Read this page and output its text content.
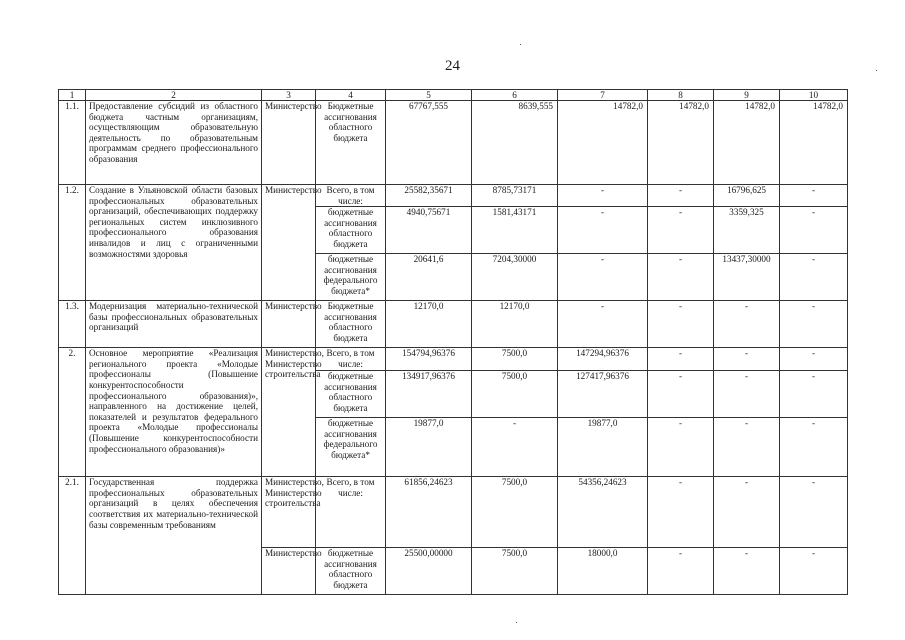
24
1	2	3	4	5	6	7	8	9	10
1.1.	Предоставление субсидий из областного бюджета частным организациям, осуществляющим образовательную деятельность по образовательным программам среднего профессионального образования	Министерство	Бюджетные ассигнования областного бюджета	67767,555	8639,555	14782,0	14782,0	14782,0	14782,0
1.2.	Создание в Ульяновской области базовых профессиональных образовательных организаций, обеспечивающих поддержку региональных систем инклюзивного профессионального образования инвалидов и лиц с ограниченными возможностями здоровья	Министерство	Всего, в том числе:	25582,35671	8785,73171	-	-	16796,625	-
			бюджетные ассигнования областного бюджета	4940,75671	1581,43171	-	-	3359,325	-
			бюджетные ассигнования федерального бюджета*	20641,6	7204,30000	-	-	13437,30000	-
1.3.	Модернизация материально-технической базы профессиональных образовательных организаций	Министерство	Бюджетные ассигнования областного бюджета	12170,0	12170,0	-	-	-	-
2.	Основное мероприятие «Реализация регионального проекта «Молодые профессионалы (Повышение конкурентоспособности профессионального образования)», направленного на достижение целей, показателей и результатов федерального проекта «Молодые профессионалы (Повышение конкурентоспособности профессионального образования)»	Министерство, Министерство строительства	Всего, в том числе:	154794,96376	7500,0	147294,96376	-	-	-
			бюджетные ассигнования областного бюджета	134917,96376	7500,0	127417,96376	-	-	-
			бюджетные ассигнования федерального бюджета*	19877,0	-	19877,0	-	-	-
2.1.	Государственная поддержка профессиональных образовательных организаций в целях обеспечения соответствия их материально-технической базы современным требованиям	Министерство, Министерство строительства	Всего, в том числе:	61856,24623	7500,0	54356,24623	-	-	-
		Министерство	бюджетные ассигнования областного бюджета	25500,00000	7500,0	18000,0	-	-	-
